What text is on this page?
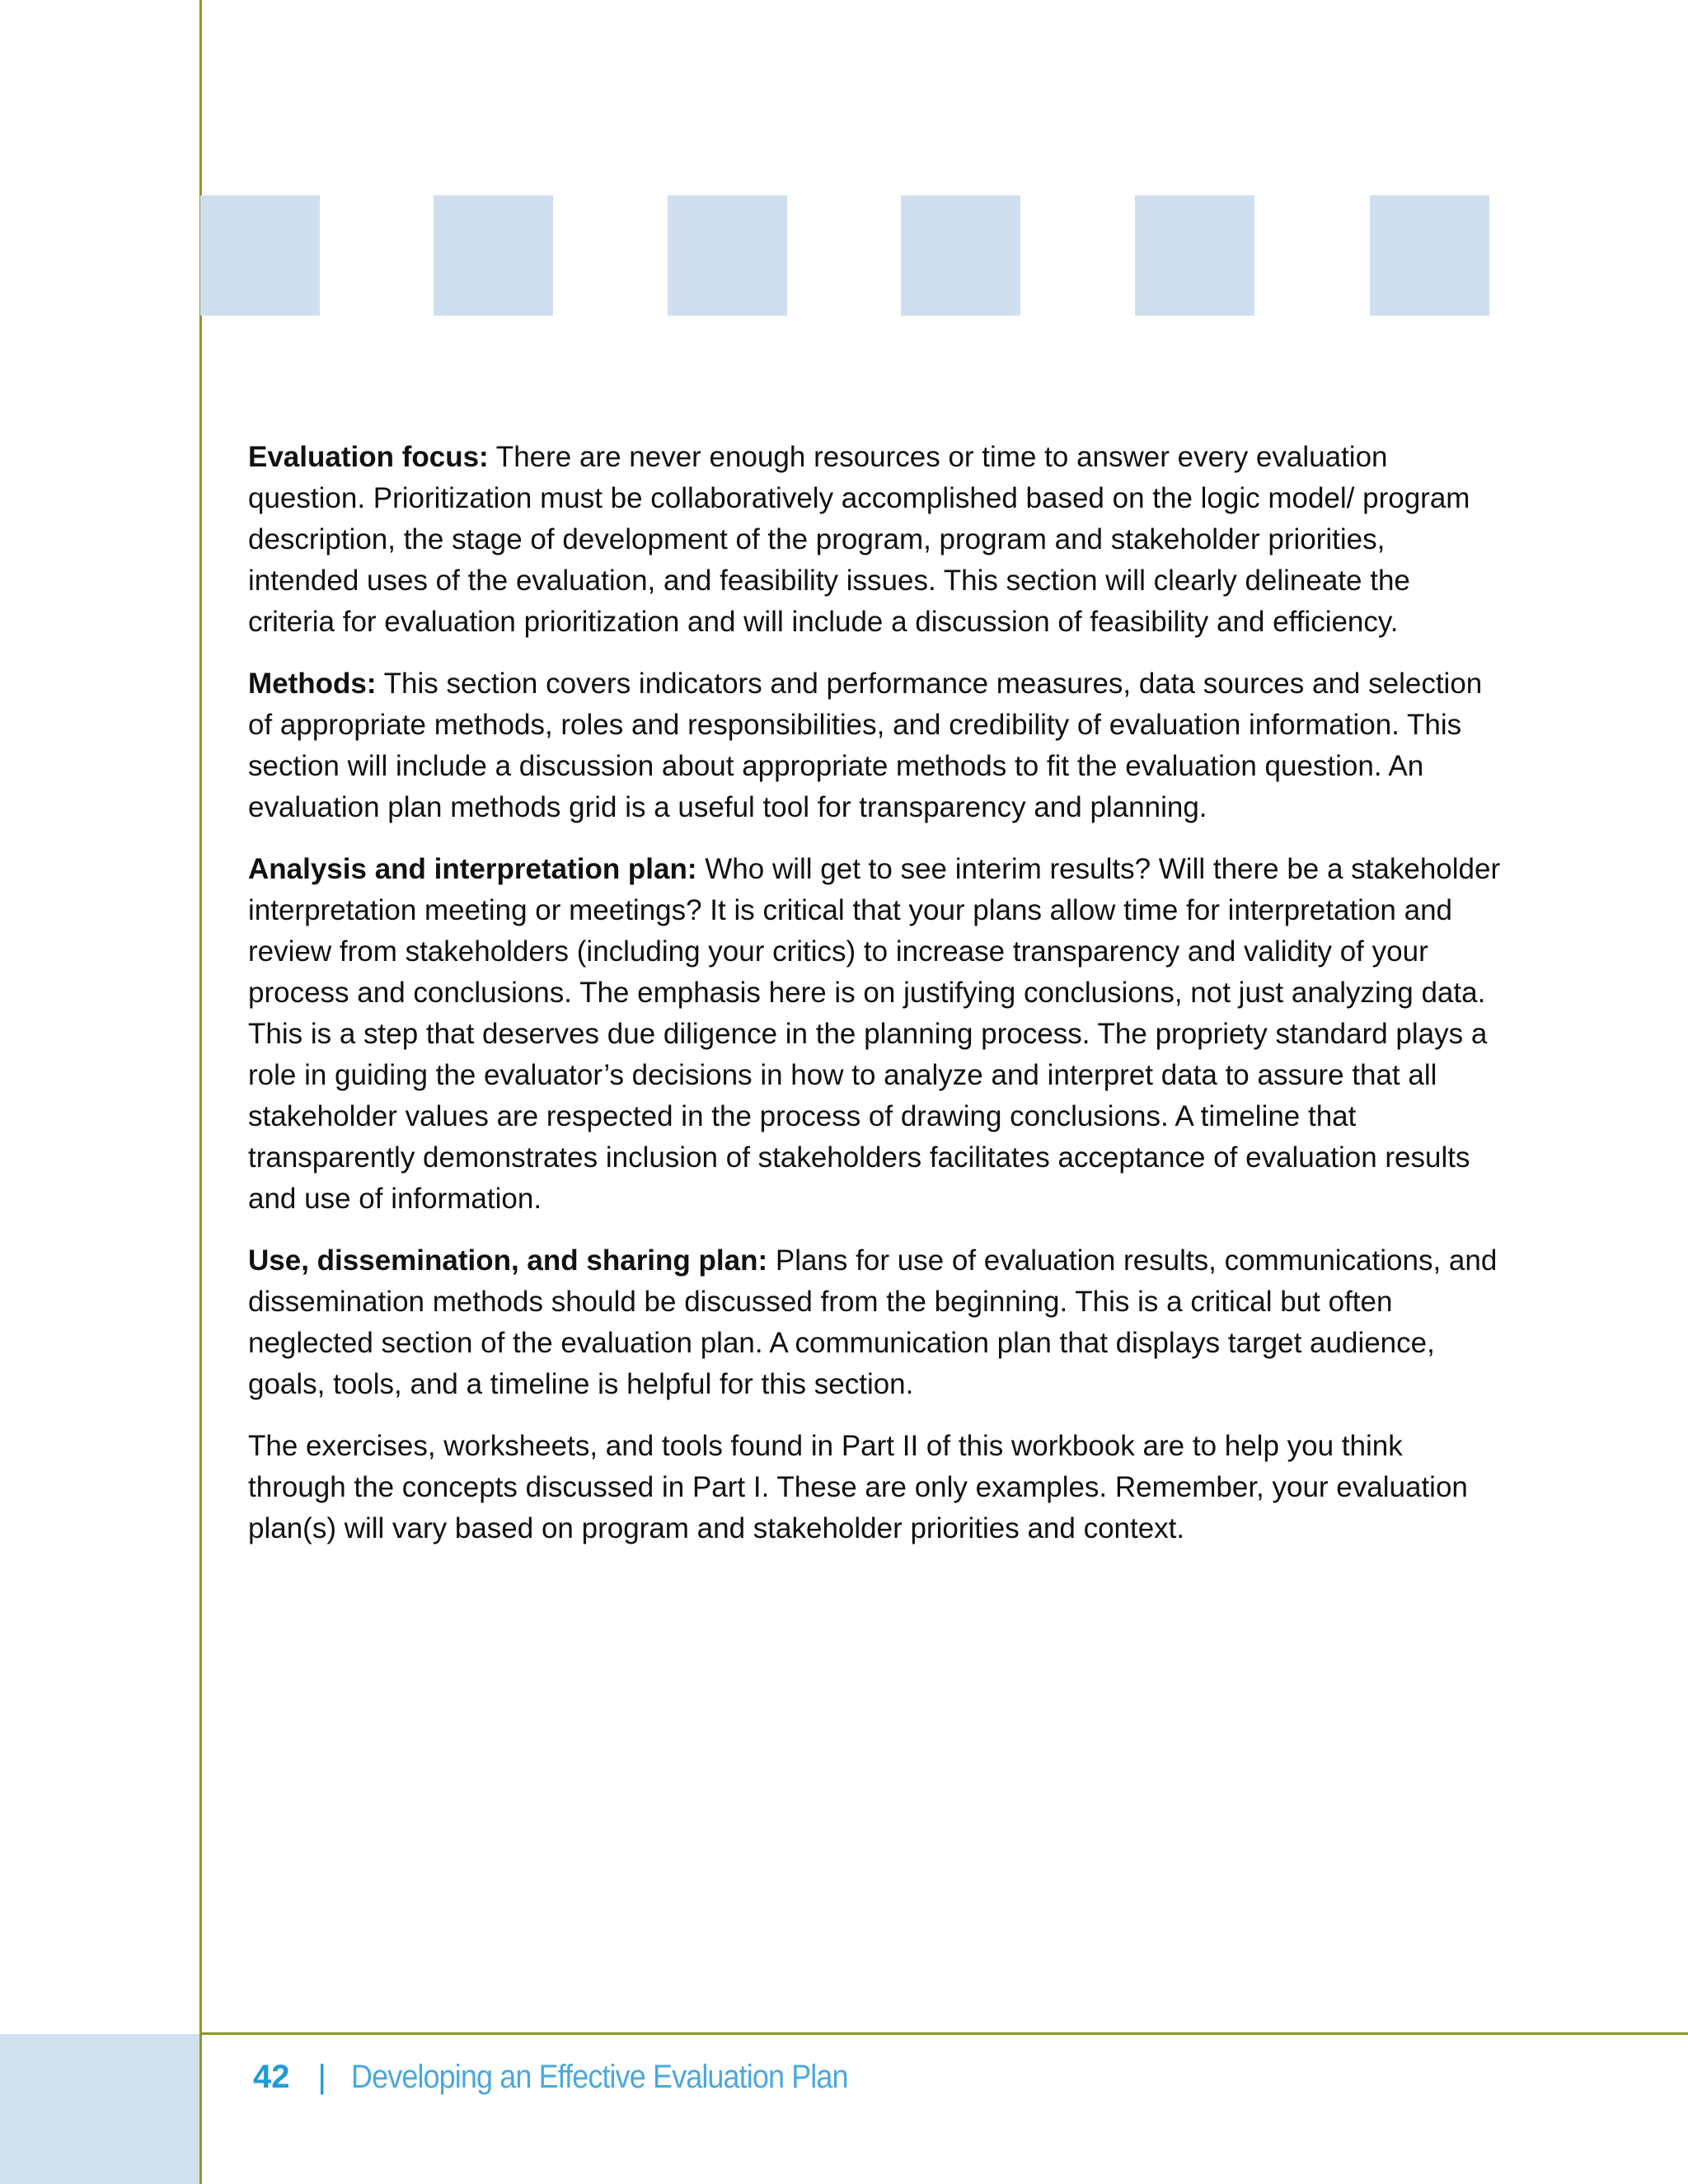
Evaluation focus: There are never enough resources or time to answer every evaluation question. Prioritization must be collaboratively accomplished based on the logic model/ program description, the stage of development of the program, program and stakeholder priorities, intended uses of the evaluation, and feasibility issues. This section will clearly delineate the criteria for evaluation prioritization and will include a discussion of feasibility and efficiency.

Methods: This section covers indicators and performance measures, data sources and selection of appropriate methods, roles and responsibilities, and credibility of evaluation information. This section will include a discussion about appropriate methods to fit the evaluation question. An evaluation plan methods grid is a useful tool for transparency and planning.

Analysis and interpretation plan: Who will get to see interim results? Will there be a stakeholder interpretation meeting or meetings? It is critical that your plans allow time for interpretation and review from stakeholders (including your critics) to increase transparency and validity of your process and conclusions. The emphasis here is on justifying conclusions, not just analyzing data. This is a step that deserves due diligence in the planning process. The propriety standard plays a role in guiding the evaluator’s decisions in how to analyze and interpret data to assure that all stakeholder values are respected in the process of drawing conclusions. A timeline that transparently demonstrates inclusion of stakeholders facilitates acceptance of evaluation results and use of information.

Use, dissemination, and sharing plan: Plans for use of evaluation results, communications, and dissemination methods should be discussed from the beginning. This is a critical but often neglected section of the evaluation plan. A communication plan that displays target audience, goals, tools, and a timeline is helpful for this section.

The exercises, worksheets, and tools found in Part II of this workbook are to help you think through the concepts discussed in Part I. These are only examples. Remember, your evaluation plan(s) will vary based on program and stakeholder priorities and context.

42 | Developing an Effective Evaluation Plan
